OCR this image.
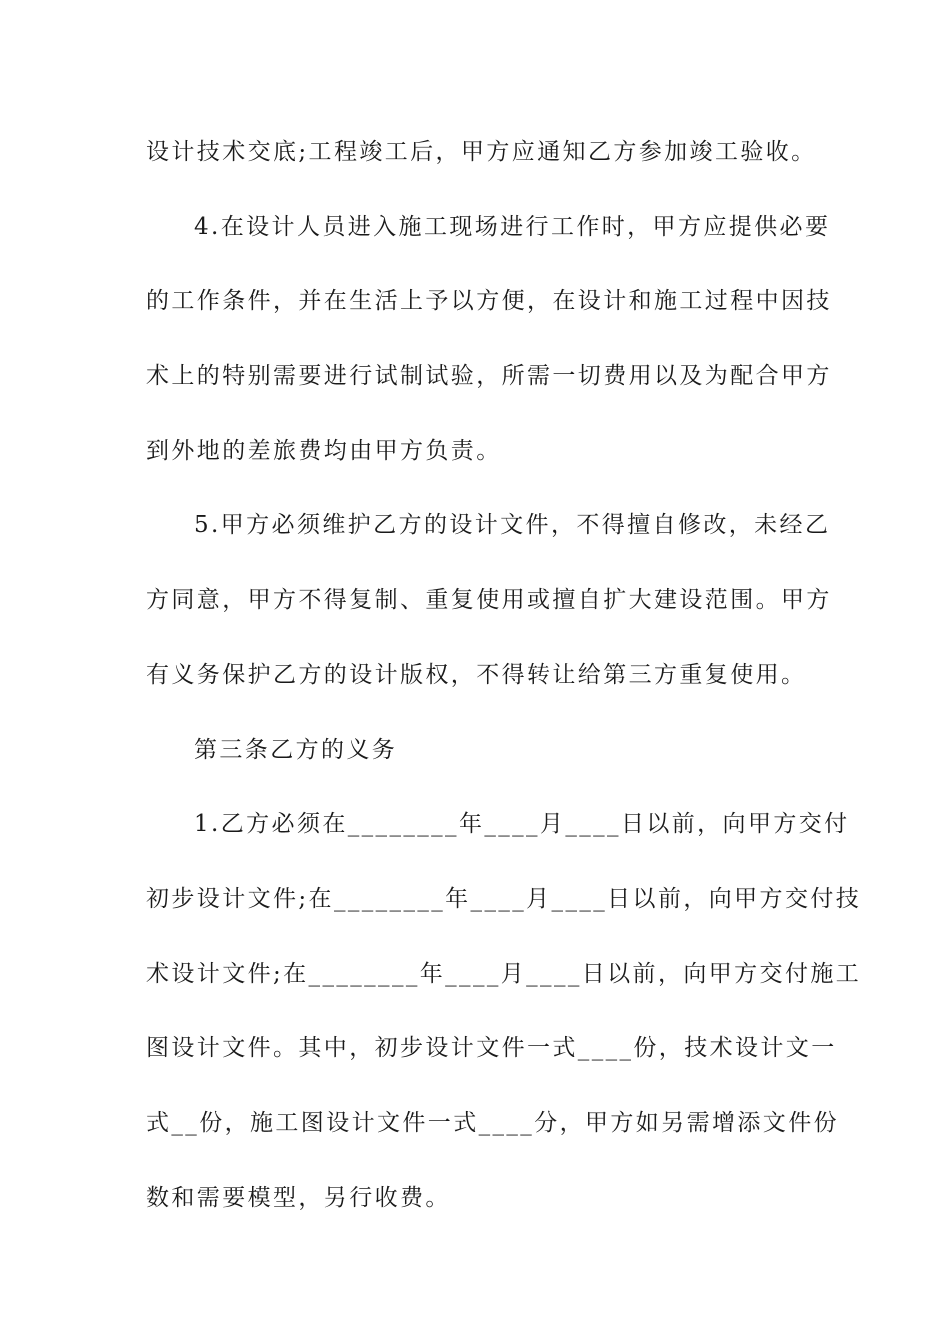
设计技术交底;工程竣工后，甲方应通知乙方参加竣工验收。
4.在设计人员进入施工现场进行工作时，甲方应提供必要
的工作条件，并在生活上予以方便，在设计和施工过程中因技
术上的特别需要进行试制试验，所需一切费用以及为配合甲方
到外地的差旅费均由甲方负责。
5.甲方必须维护乙方的设计文件，不得擅自修改，未经乙
方同意，甲方不得复制、重复使用或擅自扩大建设范围。甲方
有义务保护乙方的设计版权，不得转让给第三方重复使用。
第三条乙方的义务
1.乙方必须在________年____月____日以前，向甲方交付
初步设计文件;在________年____月____日以前，向甲方交付技
术设计文件;在________年____月____日以前，向甲方交付施工
图设计文件。其中，初步设计文件一式____份，技术设计文一
式__份，施工图设计文件一式____分，甲方如另需增添文件份
数和需要模型，另行收费。
